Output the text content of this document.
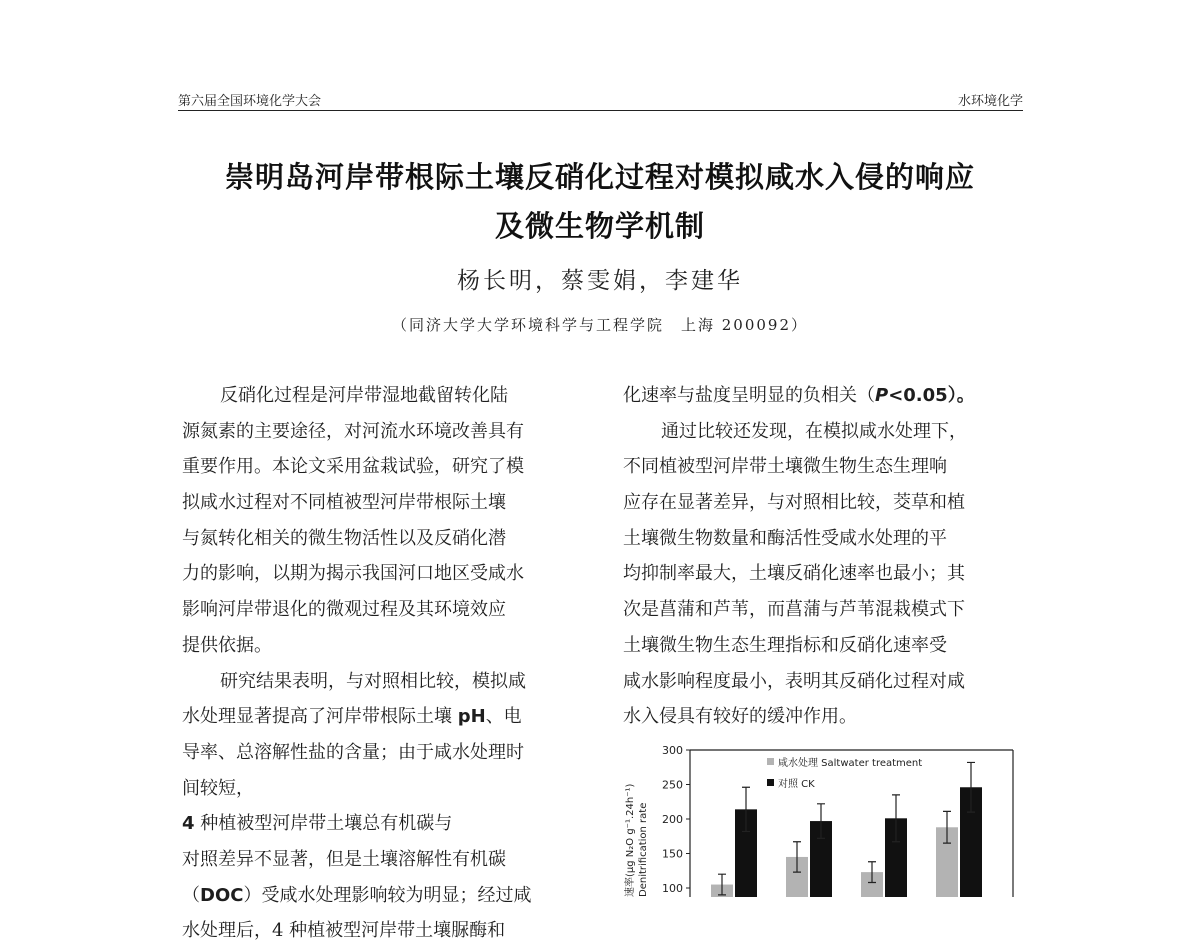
第六届全国环境化学大会	水环境化学
崇明岛河岸带根际土壤反硝化过程对模拟咸水入侵的响应
及微生物学机制
杨长明，蔡雯娟，李建华
（同济大学大学环境科学与工程学院　上海 200092）
反硝化过程是河岸带湿地截留转化陆
源氮素的主要途径，对河流水环境改善具有
重要作用。本论文采用盆栽试验，研究了模
拟咸水过程对不同植被型河岸带根际土壤
与氮转化相关的微生物活性以及反硝化潜
力的影响，以期为揭示我国河口地区受咸水
影响河岸带退化的微观过程及其环境效应
提供依据。
研究结果表明，与对照相比较，模拟咸
水处理显著提高了河岸带根际土壤 pH、电
导率、总溶解性盐的含量；由于咸水处理时
间较短，
4 种植被型河岸带土壤总有机碳与
对照差异不显著，但是土壤溶解性有机碳
（DOC）受咸水处理影响较为明显；经过咸
水处理后，4 种植被型河岸带土壤脲酶和
化速率与盐度呈明显的负相关（P<0.05）。
通过比较还发现，在模拟咸水处理下，
不同植被型河岸带土壤微生物生态生理响
应存在显著差异，与对照相比较，茭草和植
土壤微生物数量和酶活性受咸水处理的平
均抑制率最大，土壤反硝化速率也最小；其
次是菖蒲和芦苇，而菖蒲与芦苇混栽模式下
土壤微生物生态生理指标和反硝化速率受
咸水影响程度最小，表明其反硝化过程对咸
水入侵具有较好的缓冲作用。
速率(μg N₂O g⁻¹.24h⁻¹) Denitrification rate
咸水处理 Saltwater treatment
对照 CK
100
150
200
250
300
